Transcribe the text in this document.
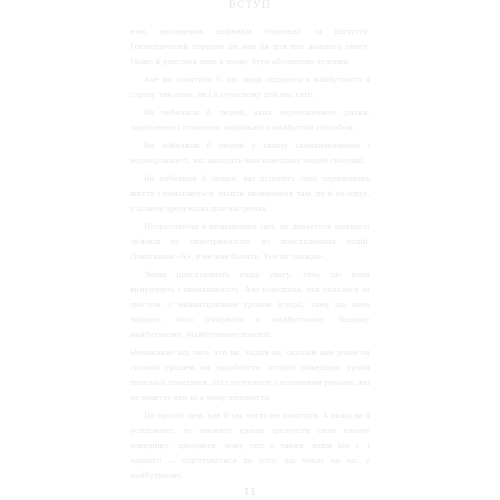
ВСТУП

ням, насіннєвих двійників тенденції та відчуття. Господінчатий порядок не мав би для нас жодного сенсу. Може й удасться мені в ньому бути абсолютно чужими.

Але ми помітили б, що люди піддаються майбутності й страху так само, як і в сучасному для нас світі.

Ви побачили б людей, яких переповнюють ризик, захоплення і отчаяння, викликані з майбутнім способом.

Ви побачили б людей у вихорі самовизначення і недовірливості, які виходять нам поведінку людей сьогодні.

Ви побачили б людей, які пізнають сенс переживань життя і намагаються знайти визначення там, де й не існує, у цілком зрозумілих для нас речах.

Потрапляючи в незнайомий світ, ви дивуєтеся кількості зв'язків та симетричністю до повсякденних подій. Помітивши «А», я не мав бачити. Усе як завжди».

Зміни прискорюють нашу увагу, тому що вони вимушують і виникальність. Але поведінка, яка склалася за змістом, є найвигіднішим уроком історії, тому що вона показує, чого очікувати в майбутньому. Вашому майбутньому. Майбутньому взагалі.

Неважливо від того, хто ви, звідки ви, скільки вам років чи скільки грошей ви заробляєте, історія поведінки уроки людської поведінки, які стосуються з основними речами, які не можуть вам ні в чому допомогти.

Це просто ідея, але її так легко не помітити. А якщо ви її усвідомите, то зможете краще зрозуміти свою власну поведінку, зрозуміти, чому світ є таким, яким він є, і нарешті — підготуватися до того, що чекає на вас у майбутньому.

11
